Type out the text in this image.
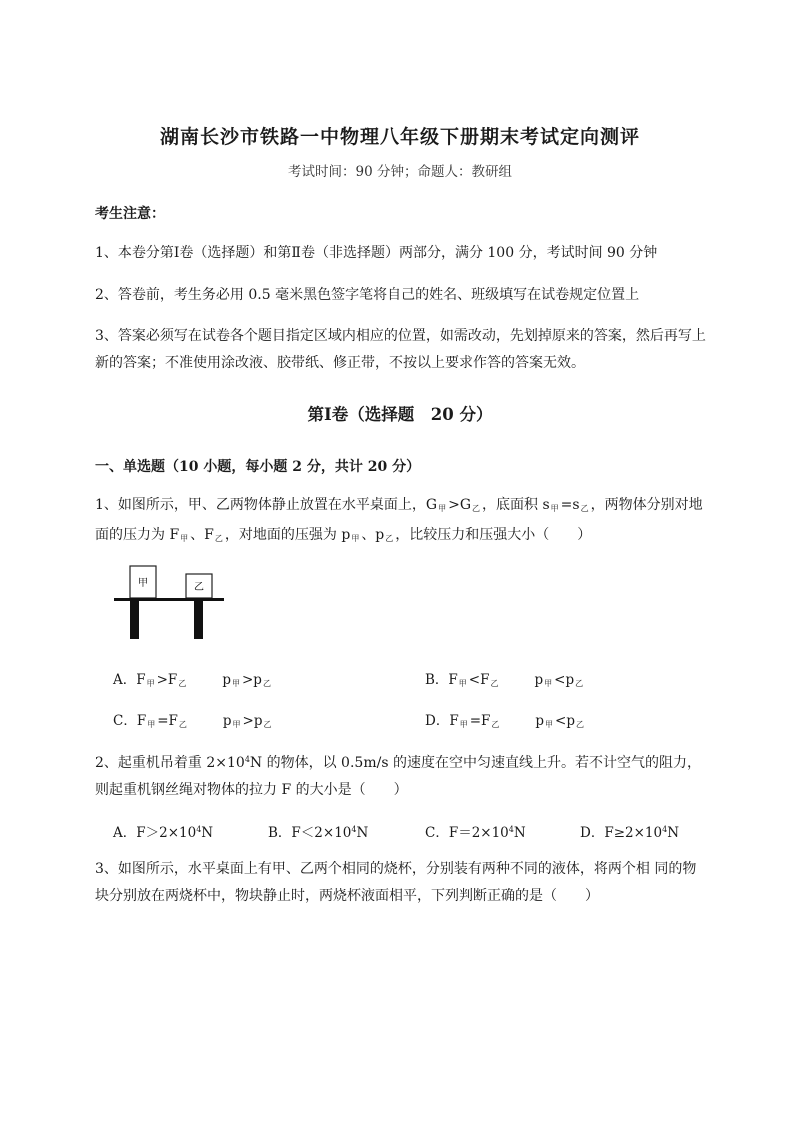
湖南长沙市铁路一中物理八年级下册期末考试定向测评
考试时间：90 分钟；命题人：教研组
考生注意：
1、本卷分第Ⅰ卷（选择题）和第Ⅱ卷（非选择题）两部分，满分 100 分，考试时间 90 分钟
2、答卷前，考生务必用 0.5 毫米黑色签字笔将自己的姓名、班级填写在试卷规定位置上
3、答案必须写在试卷各个题目指定区域内相应的位置，如需改动，先划掉原来的答案，然后再写上新的答案；不准使用涂改液、胶带纸、修正带，不按以上要求作答的答案无效。
第Ⅰ卷（选择题　20 分）
一、单选题（10 小题，每小题 2 分，共计 20 分）
1、如图所示，甲、乙两物体静止放置在水平桌面上，$G_甲 >G_乙$ ，底面积 $s_甲 =s_乙$ ，两物体分别对地面的压力为 $F_甲$ 、$F_乙$ ，对地面的压强为 $p_甲$ 、$p_乙$ ，比较压力和压强大小（　　）
甲	乙
A．$F_甲 >F_乙$	$p_甲 >p_乙$	B．$F_甲 <F_乙$	$p_甲 <p_乙$
C．$F_甲 =F_乙$	$p_甲 >p_乙$	D．$F_甲 =F_乙$	$p_甲 <p_乙$
2、起重机吊着重 $2\times 10^4N$ 的物体，以 0.5m/s 的速度在空中匀速直线上升。若不计空气的阻力，则起重机钢丝绳对物体的拉力 F 的大小是（　　）
A．$F>2\times 10^4N$	B．$F<2\times 10^4N$	C．$F=2\times 10^4N$	D．$F\ge 2\times 10^4N$
3、如图所示，水平桌面上有甲、乙两个相同的烧杯，分别装有两种不同的液体，将两个相 同的物块分别放在两烧杯中，物块静止时，两烧杯液面相平，下列判断正确的是（　　）
